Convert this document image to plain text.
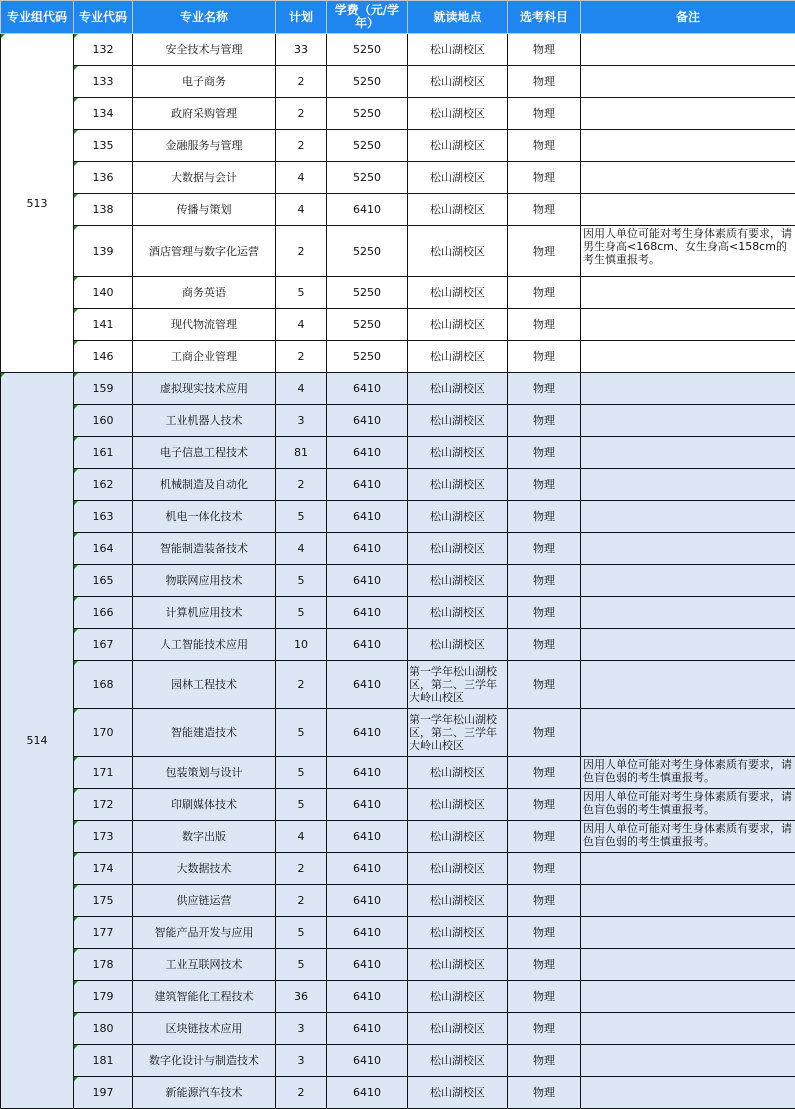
专业组代码	专业代码	专业名称	计划	学费（元/学年）	就读地点	选考科目	备注
513	132	安全技术与管理	33	5250	松山湖校区	物理	
	133	电子商务	2	5250	松山湖校区	物理	
	134	政府采购管理	2	5250	松山湖校区	物理	
	135	金融服务与管理	2	5250	松山湖校区	物理	
	136	大数据与会计	4	5250	松山湖校区	物理	
	138	传播与策划	4	6410	松山湖校区	物理	
	139	酒店管理与数字化运营	2	5250	松山湖校区	物理	因用人单位可能对考生身体素质有要求，请男生身高<168cm、女生身高<158cm的考生慎重报考。
	140	商务英语	5	5250	松山湖校区	物理	
	141	现代物流管理	4	5250	松山湖校区	物理	
	146	工商企业管理	2	5250	松山湖校区	物理	
514	159	虚拟现实技术应用	4	6410	松山湖校区	物理	
	160	工业机器人技术	3	6410	松山湖校区	物理	
	161	电子信息工程技术	81	6410	松山湖校区	物理	
	162	机械制造及自动化	2	6410	松山湖校区	物理	
	163	机电一体化技术	5	6410	松山湖校区	物理	
	164	智能制造装备技术	4	6410	松山湖校区	物理	
	165	物联网应用技术	5	6410	松山湖校区	物理	
	166	计算机应用技术	5	6410	松山湖校区	物理	
	167	人工智能技术应用	10	6410	松山湖校区	物理	
	168	园林工程技术	2	6410	第一学年松山湖校区，第二、三学年大岭山校区	物理	
	170	智能建造技术	5	6410	第一学年松山湖校区，第二、三学年大岭山校区	物理	
	171	包装策划与设计	5	6410	松山湖校区	物理	因用人单位可能对考生身体素质有要求，请色盲色弱的考生慎重报考。
	172	印刷媒体技术	5	6410	松山湖校区	物理	因用人单位可能对考生身体素质有要求，请色盲色弱的考生慎重报考。
	173	数字出版	4	6410	松山湖校区	物理	因用人单位可能对考生身体素质有要求，请色盲色弱的考生慎重报考。
	174	大数据技术	2	6410	松山湖校区	物理	
	175	供应链运营	2	6410	松山湖校区	物理	
	177	智能产品开发与应用	5	6410	松山湖校区	物理	
	178	工业互联网技术	5	6410	松山湖校区	物理	
	179	建筑智能化工程技术	36	6410	松山湖校区	物理	
	180	区块链技术应用	3	6410	松山湖校区	物理	
	181	数字化设计与制造技术	3	6410	松山湖校区	物理	
	197	新能源汽车技术	2	6410	松山湖校区	物理	
